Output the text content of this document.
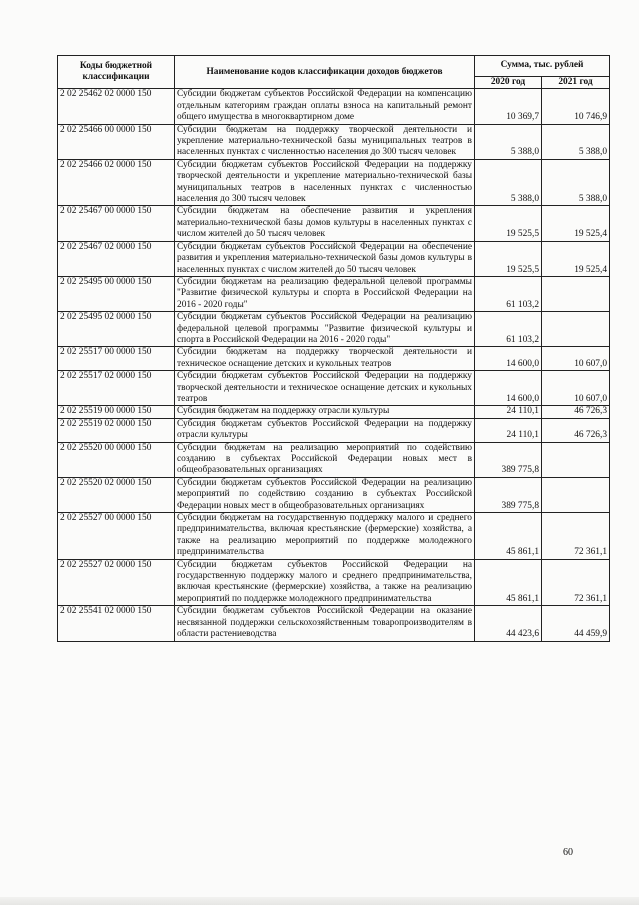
Коды бюджетной классификации	Наименование кодов классификации доходов бюджетов	Сумма, тыс. рублей	
		2020 год	2021 год
2 02 25462 02 0000 150	Субсидии бюджетам субъектов Российской Федерации на компенсацию отдельным категориям граждан оплаты взноса на капитальный ремонт общего имущества в многоквартирном доме	10 369,7	10 746,9
2 02 25466 00 0000 150	Субсидии бюджетам на поддержку творческой деятельности и укрепление материально-технической базы муниципальных театров в населенных пунктах с численностью населения до 300 тысяч человек	5 388,0	5 388,0
2 02 25466 02 0000 150	Субсидии бюджетам субъектов Российской Федерации на поддержку творческой деятельности и укрепление материально-технической базы муниципальных театров в населенных пунктах с численностью населения до 300 тысяч человек	5 388,0	5 388,0
2 02 25467 00 0000 150	Субсидии бюджетам на обеспечение развития и укрепления материально-технической базы домов культуры в населенных пунктах с числом жителей до 50 тысяч человек	19 525,5	19 525,4
2 02 25467 02 0000 150	Субсидии бюджетам субъектов Российской Федерации на обеспечение развития и укрепления материально-технической базы домов культуры в населенных пунктах с числом жителей до 50 тысяч человек	19 525,5	19 525,4
2 02 25495 00 0000 150	Субсидии бюджетам на реализацию федеральной целевой программы "Развитие физической культуры и спорта в Российской Федерации на 2016 - 2020 годы"	61 103,2	
2 02 25495 02 0000 150	Субсидии бюджетам субъектов Российской Федерации на реализацию федеральной целевой программы "Развитие физической культуры и спорта в Российской Федерации на 2016 - 2020 годы"	61 103,2	
2 02 25517 00 0000 150	Субсидии бюджетам на поддержку творческой деятельности и техническое оснащение детских и кукольных театров	14 600,0	10 607,0
2 02 25517 02 0000 150	Субсидии бюджетам субъектов Российской Федерации на поддержку творческой деятельности и техническое оснащение детских и кукольных театров	14 600,0	10 607,0
2 02 25519 00 0000 150	Субсидия бюджетам на поддержку отрасли культуры	24 110,1	46 726,3
2 02 25519 02 0000 150	Субсидия бюджетам субъектов Российской Федерации на поддержку отрасли культуры	24 110,1	46 726,3
2 02 25520 00 0000 150	Субсидии бюджетам на реализацию мероприятий по содействию созданию в субъектах Российской Федерации новых мест в общеобразовательных организациях	389 775,8	
2 02 25520 02 0000 150	Субсидии бюджетам субъектов Российской Федерации на реализацию мероприятий по содействию созданию в субъектах Российской Федерации новых мест в общеобразовательных организациях	389 775,8	
2 02 25527 00 0000 150	Субсидии бюджетам на государственную поддержку малого и среднего предпринимательства, включая крестьянские (фермерские) хозяйства, а также на реализацию мероприятий по поддержке молодежного предпринимательства	45 861,1	72 361,1
2 02 25527 02 0000 150	Субсидии бюджетам субъектов Российской Федерации на государственную поддержку малого и среднего предпринимательства, включая крестьянские (фермерские) хозяйства, а также на реализацию мероприятий по поддержке молодежного предпринимательства	45 861,1	72 361,1
2 02 25541 02 0000 150	Субсидии бюджетам субъектов Российской Федерации на оказание несвязанной поддержки сельскохозяйственным товаропроизводителям в области растениеводства	44 423,6	44 459,9
60
